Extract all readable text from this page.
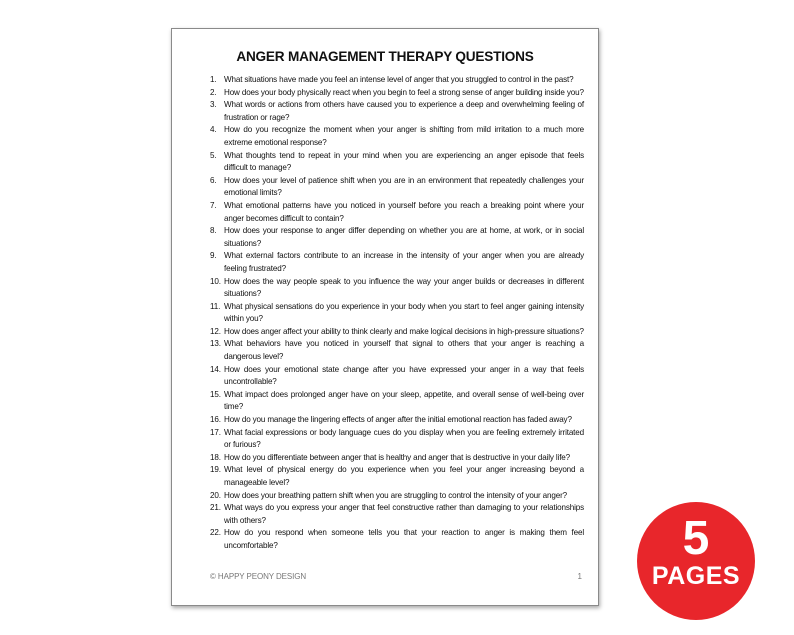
ANGER MANAGEMENT THERAPY QUESTIONS
1. What situations have made you feel an intense level of anger that you struggled to control in the past?
2. How does your body physically react when you begin to feel a strong sense of anger building inside you?
3. What words or actions from others have caused you to experience a deep and overwhelming feeling of frustration or rage?
4. How do you recognize the moment when your anger is shifting from mild irritation to a much more extreme emotional response?
5. What thoughts tend to repeat in your mind when you are experiencing an anger episode that feels difficult to manage?
6. How does your level of patience shift when you are in an environment that repeatedly challenges your emotional limits?
7. What emotional patterns have you noticed in yourself before you reach a breaking point where your anger becomes difficult to contain?
8. How does your response to anger differ depending on whether you are at home, at work, or in social situations?
9. What external factors contribute to an increase in the intensity of your anger when you are already feeling frustrated?
10. How does the way people speak to you influence the way your anger builds or decreases in different situations?
11. What physical sensations do you experience in your body when you start to feel anger gaining intensity within you?
12. How does anger affect your ability to think clearly and make logical decisions in high-pressure situations?
13. What behaviors have you noticed in yourself that signal to others that your anger is reaching a dangerous level?
14. How does your emotional state change after you have expressed your anger in a way that feels uncontrollable?
15. What impact does prolonged anger have on your sleep, appetite, and overall sense of well-being over time?
16. How do you manage the lingering effects of anger after the initial emotional reaction has faded away?
17. What facial expressions or body language cues do you display when you are feeling extremely irritated or furious?
18. How do you differentiate between anger that is healthy and anger that is destructive in your daily life?
19. What level of physical energy do you experience when you feel your anger increasing beyond a manageable level?
20. How does your breathing pattern shift when you are struggling to control the intensity of your anger?
21. What ways do you express your anger that feel constructive rather than damaging to your relationships with others?
22. How do you respond when someone tells you that your reaction to anger is making them feel uncomfortable?
© HAPPY PEONY DESIGN	1
5
PAGES
